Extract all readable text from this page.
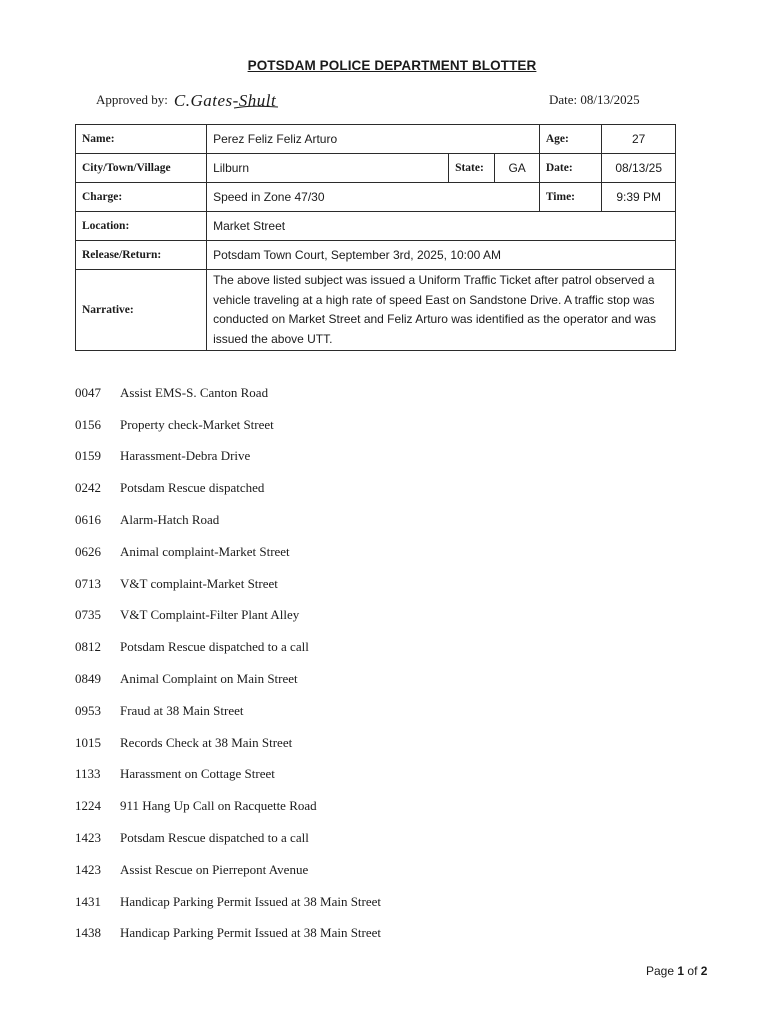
POTSDAM POLICE DEPARTMENT BLOTTER
Approved by: C.Gates-Shult	Date: 08/13/2025
Name:	Perez Feliz Feliz Arturo			Age:	27
City/Town/Village	Lilburn	State:	GA	Date:	08/13/25
Charge:	Speed in Zone 47/30			Time:	9:39 PM
Location:	Market Street				
Release/Return:	Potsdam Town Court, September 3rd, 2025, 10:00 AM				
Narrative:	The above listed subject was issued a Uniform Traffic Ticket after patrol observed a vehicle traveling at a high rate of speed East on Sandstone Drive. A traffic stop was conducted on Market Street and Feliz Arturo was identified as the operator and was issued the above UTT.				
0047	Assist EMS-S. Canton Road
0156	Property check-Market Street
0159	Harassment-Debra Drive
0242	Potsdam Rescue dispatched
0616	Alarm-Hatch Road
0626	Animal complaint-Market Street
0713	V&T complaint-Market Street
0735	V&T Complaint-Filter Plant Alley
0812	Potsdam Rescue dispatched to a call
0849	Animal Complaint on Main Street
0953	Fraud at 38 Main Street
1015	Records Check at 38 Main Street
1133	Harassment on Cottage Street
1224	911 Hang Up Call on Racquette Road
1423	Potsdam Rescue dispatched to a call
1423	Assist Rescue on Pierrepont Avenue
1431	Handicap Parking Permit Issued at 38 Main Street
1438	Handicap Parking Permit Issued at 38 Main Street
Page 1 of 2
